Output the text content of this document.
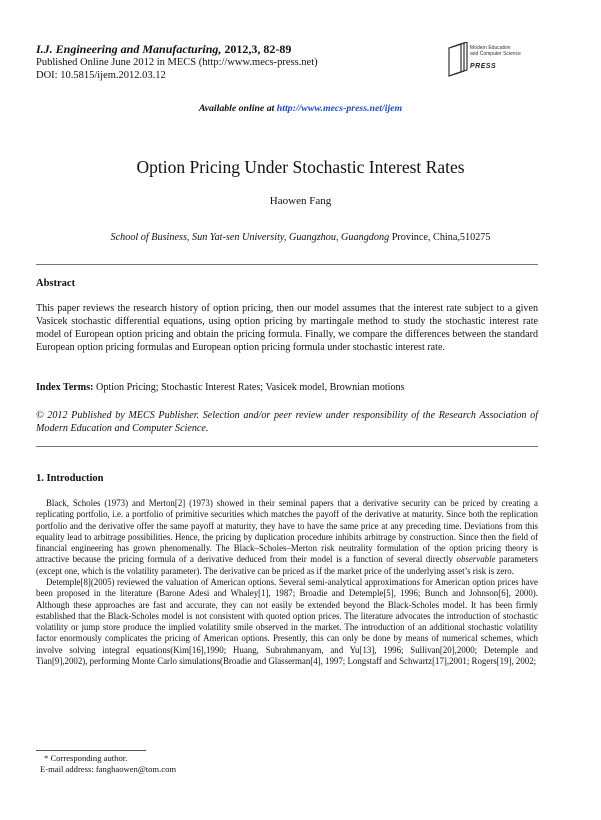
I.J. Engineering and Manufacturing, 2012,3, 82-89
Published Online June 2012 in MECS (http://www.mecs-press.net)
DOI: 10.5815/ijem.2012.03.12
Modern Education
and Computer Science
PRESS
Available online at http://www.mecs-press.net/ijem
Option Pricing Under Stochastic Interest Rates
Haowen Fang
School of Business, Sun Yat-sen University, Guangzhou, Guangdong Province, China,510275
Abstract
This paper reviews the research history of option pricing, then our model assumes that the interest rate subject to a given Vasicek stochastic differential equations, using option pricing by martingale method to study the stochastic interest rate model of European option pricing and obtain the pricing formula. Finally, we compare the differences between the standard European option pricing formulas and European option pricing formula under stochastic interest rate.
Index Terms: Option Pricing; Stochastic Interest Rates; Vasicek model, Brownian motions
© 2012 Published by MECS Publisher. Selection and/or peer review under responsibility of the Research Association of Modern Education and Computer Science.
1. Introduction

Black, Scholes (1973) and Merton[2] (1973) showed in their seminal papers that a derivative security can be priced by creating a replicating portfolio, i.e. a portfolio of primitive securities which matches the payoff of the derivative at maturity. Since both the replication portfolio and the derivative offer the same payoff at maturity, they have to have the same price at any preceding time. Deviations from this equality lead to arbitrage possibilities. Hence, the pricing by duplication procedure inhibits arbitrage by construction. Since then the field of financial engineering has grown phenomenally. The Black–Scholes–Merton risk neutrality formulation of the option pricing theory is attractive because the pricing formula of a derivative deduced from their model is a function of several directly observable parameters (except one, which is the volatility parameter). The derivative can be priced as if the market price of the underlying asset’s risk is zero.

Detemple[8](2005) reviewed the valuation of American options. Several semi-analytical approximations for American option prices have been proposed in the literature (Barone Adesi and Whaley[1], 1987; Broadie and Detemple[5], 1996; Bunch and Johnson[6], 2000). Although these approaches are fast and accurate, they can not easily be extended beyond the Black-Scholes model. It has been firmly established that the Black-Scholes model is not consistent with quoted option prices. The literature advocates the introduction of stochastic volatility or jump store produce the implied volatility smile observed in the market. The introduction of an additional stochastic volatility factor enormously complicates the pricing of American options. Presently, this can only be done by means of numerical schemes, which involve solving integral equations(Kim[16],1990; Huang, Subrahmanyam, and Yu[13], 1996; Sullivan[20],2000; Detemple and Tian[9],2002), performing Monte Carlo simulations(Broadie and Glasserman[4], 1997; Longstaff and Schwartz[17],2001; Rogers[19], 2002;

* Corresponding author.
E-mail address: fanghaowen@tom.com
